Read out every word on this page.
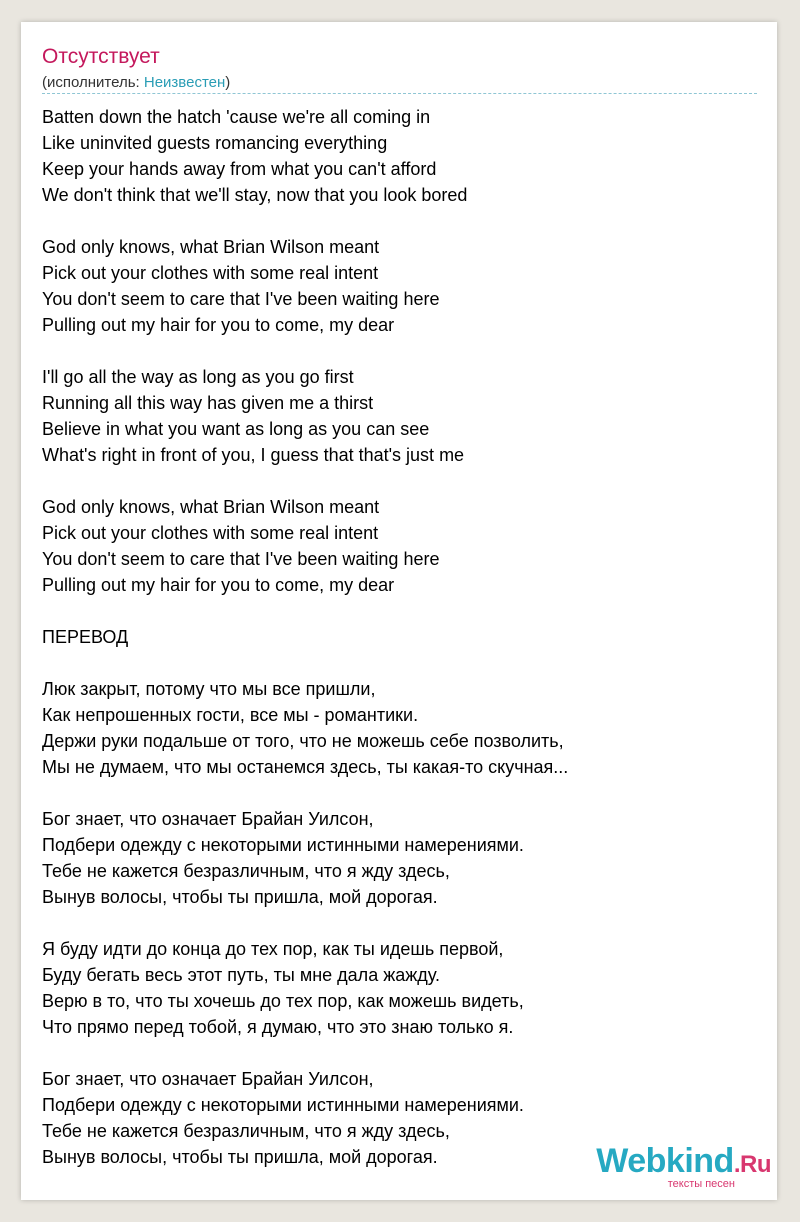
Отсутствует
(исполнитель: Неизвестен)
Batten down the hatch 'cause we're all coming in
Like uninvited guests romancing everything
Keep your hands away from what you can't afford
We don't think that we'll stay, now that you look bored
God only knows, what Brian Wilson meant
Pick out your clothes with some real intent
You don't seem to care that I've been waiting here
Pulling out my hair for you to come, my dear
I'll go all the way as long as you go first
Running all this way has given me a thirst
Believe in what you want as long as you can see
What's right in front of you, I guess that that's just me
God only knows, what Brian Wilson meant
Pick out your clothes with some real intent
You don't seem to care that I've been waiting here
Pulling out my hair for you to come, my dear
ПЕРЕВОД
Люк закрыт, потому что мы все пришли,
Как непрошенных гости, все мы - романтики.
Держи руки подальше от того, что не можешь себе позволить,
Мы не думаем, что мы останемся здесь, ты какая-то скучная...
Бог знает, что означает Брайан Уилсон,
Подбери одежду с некоторыми истинными намерениями.
Тебе не кажется безразличным, что я жду здесь,
Вынув волосы, чтобы ты пришла, мой дорогая.
Я буду идти до конца до тех пор, как ты идешь первой,
Буду бегать весь этот путь, ты мне дала жажду.
Верю в то, что ты хочешь до тех пор, как можешь видеть,
Что прямо перед тобой, я думаю, что это знаю только я.
Бог знает, что означает Брайан Уилсон,
Подбери одежду с некоторыми истинными намерениями.
Тебе не кажется безразличным, что я жду здесь,
Вынув волосы, чтобы ты пришла, мой дорогая.	Webkind.Ru
тексты песен
